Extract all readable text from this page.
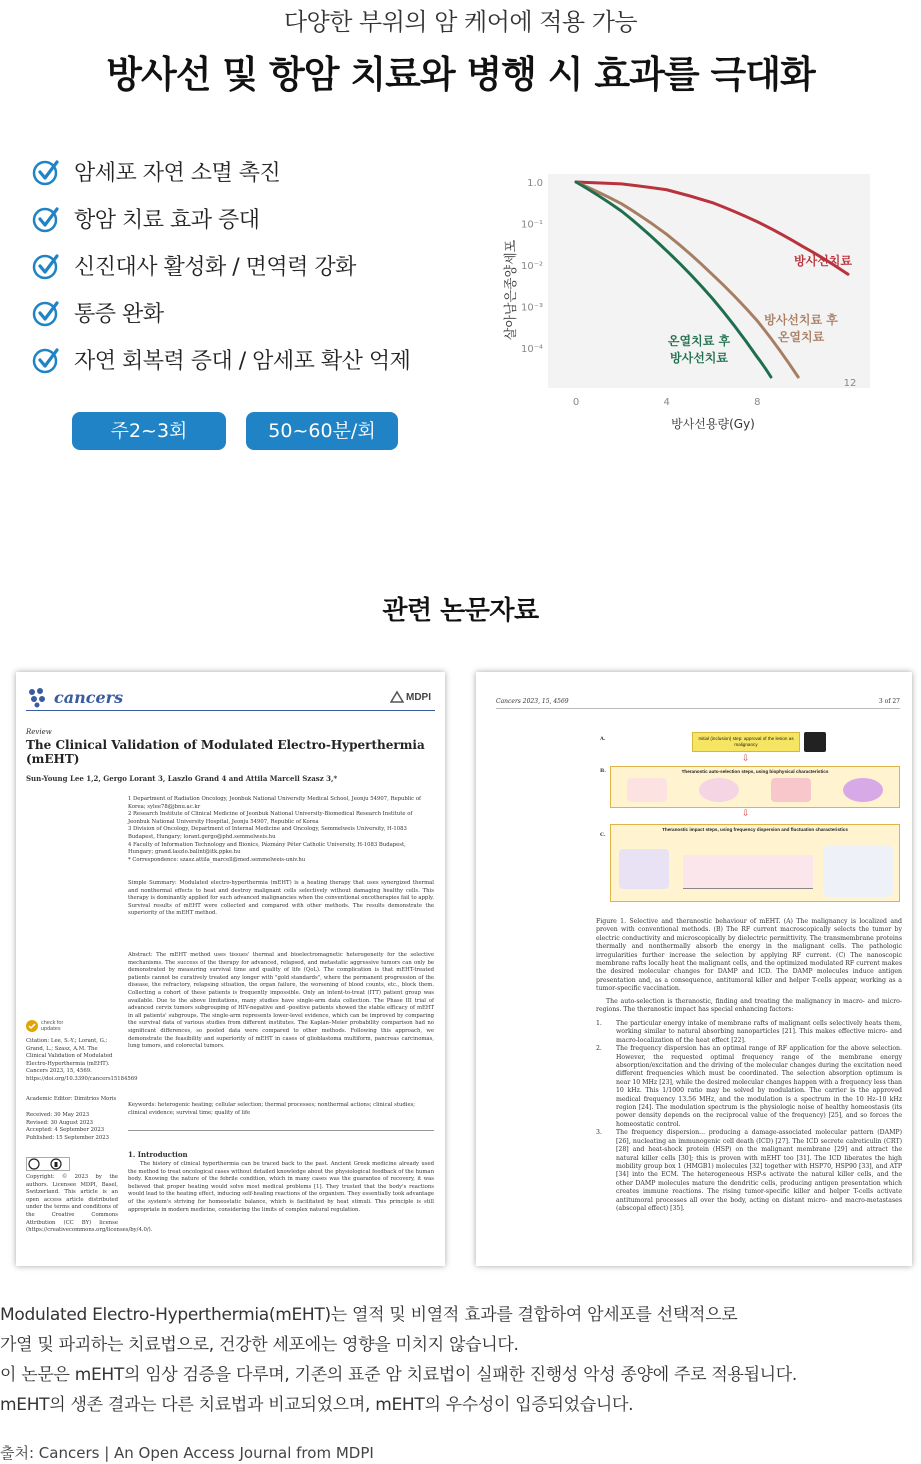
다양한 부위의 암 케어에 적용 가능
방사선 및 항암 치료와 병행 시 효과를 극대화
암세포 자연 소멸 촉진
항암 치료 효과 증대
신진대사 활성화 / 면역력 강화
통증 완화
자연 회복력 증대 / 암세포 확산 억제
주2~3회	50~60분/회
1.0
10⁻¹
10⁻²
10⁻³
10⁻⁴
0	4	8
12
살아남은종양세포
방사선용량(Gy)
방사선치료
방사선치료 후
온열치료
온열치료 후
방사선치료
관련 논문자료
cancers	MDPI
Review
The Clinical Validation of Modulated Electro-Hyperthermia (mEHT)
Sun-Young Lee 1,2, Gergo Lorant 3, Laszlo Grand 4 and Attila Marcell Szasz 3,*
1 Department of Radiation Oncology, Jeonbuk National University Medical School, Jeonju 54907, Republic of Korea; sylee78@jbnu.ac.kr
2 Research Institute of Clinical Medicine of Jeonbuk National University-Biomedical Research Institute of Jeonbuk National University Hospital, Jeonju 54907, Republic of Korea
3 Division of Oncology, Department of Internal Medicine and Oncology, Semmelweis University, H-1083 Budapest, Hungary; lorant.gergo@phd.semmelweis.hu
4 Faculty of Information Technology and Bionics, Pázmány Péter Catholic University, H-1083 Budapest, Hungary; grand.laszlo.balint@itk.ppke.hu
* Correspondence: szasz.attila_marcell@med.semmelweis-univ.hu
Simple Summary: Modulated electro-hyperthermia (mEHT) is a heating therapy that uses synergized thermal and nonthermal effects to heat and destroy malignant cells selectively without damaging healthy cells. This therapy is dominantly applied for such advanced malignancies when the conventional oncotherapies fail to apply. Survival results of mEHT were collected and compared with other methods. The results demonstrate the superiority of the mEHT method.
Abstract: The mEHT method uses tissues' thermal and bioelectromagnetic heterogeneity for the selective mechanisms. The success of the therapy for advanced, relapsed, and metastatic aggressive tumors can only be demonstrated by measuring survival time and quality of life (QoL). The complication is that mEHT-treated patients cannot be curatively treated any longer with "gold standards", where the permanent progression of the disease, the refractory, relapsing situation, the organ failure, the worsening of blood counts, etc., block them. Collecting a cohort of these patients is frequently impossible. Only an intent-to-treat (ITT) patient group was available. Due to the above limitations, many studies have single-arm data collection. The Phase III trial of advanced cervix tumors subgrouping of HIV-negative and -positive patients showed the stable efficacy of mEHT in all patients' subgroups. The single-arm represents lower-level evidence, which can be improved by comparing the survival data of various studies from different institutes. The Kaplan–Meier probability comparison had no significant differences, so pooled data were compared to other methods. Following this approach, we demonstrate the feasibility and superiority of mEHT in cases of glioblastoma multiform, pancreas carcinomas, lung tumors, and colorectal tumors.
Keywords: heterogenic heating; cellular selection; thermal processes; nonthermal actions; clinical studies; clinical evidence; survival time; quality of life
1. Introduction
The history of clinical hyperthermia can be traced back to the past. Ancient Greek medicine already used the method to treat oncological cases without detailed knowledge about the physiological feedback of the human body. Knowing the nature of the febrile condition, which in many cases was the guarantee of recovery, it was believed that proper heating would solve most medical problems [1]. They trusted that the body's reactions would lead to the heating effect, inducing self-healing reactions of the organism. They essentially took advantage of the system's striving for homeostatic balance, which is facilitated by heat stimuli. This principle is still appropriate in modern medicine, considering the limits of complex natural regulation.
check for updates
Citation: Lee, S.-Y.; Lorant, G.; Grand, L.; Szasz, A.M. The Clinical Validation of Modulated Electro-Hyperthermia (mEHT). Cancers 2023, 15, 4569. https://doi.org/10.3390/cancers15184569
Academic Editor: Dimitrios Moris
Received: 30 May 2023
Revised: 30 August 2023
Accepted: 4 September 2023
Published: 15 September 2023
Copyright: © 2023 by the authors. Licensee MDPI, Basel, Switzerland. This article is an open access article distributed under the terms and conditions of the Creative Commons Attribution (CC BY) license (https://creativecommons.org/licenses/by/4.0/).
Cancers 2023, 15, 4569	3 of 27
A.	Initial (inclusion) step: approval of the lesion as malignancy
⇩
B.	Theranostic auto-selection steps, using biophysical characteristics
⇩
C.
Theranostic impact steps, using frequency dispersion and fluctuation characteristics
Figure 1. Selective and theranostic behaviour of mEHT. (A) The malignancy is localized and proven with conventional methods. (B) The RF current macroscopically selects the tumor by electric conductivity and microscopically by dielectric permittivity. The transmembrane proteins thermally and nonthermally absorb the energy in the malignant cells. The pathologic irregularities further increase the selection by applying RF current. (C) The nanoscopic membrane rafts locally heat the malignant cells, and the optimized modulated RF current makes the desired molecular changes for DAMP and ICD. The DAMP molecules induce antigen presentation and, as a consequence, antitumoral killer and helper T-cells appear, working as a tumor-specific vaccination.
The auto-selection is theranostic, finding and treating the malignancy in macro- and micro-regions. The theranostic impact has special enhancing factors:
1.	The particular energy intake of membrane rafts of malignant cells selectively heats them, working similar to natural absorbing nanoparticles [21]. This makes effective micro- and macro-localization of the heat effect [22].
2.	The frequency dispersion has an optimal range of RF application for the above selection. However, the requested optimal frequency range of the membrane energy absorption/excitation and the driving of the molecular changes during the excitation need different frequencies which must be coordinated. The selection absorption optimum is near 10 MHz [23], while the desired molecular changes happen with a frequency less than 10 kHz. This 1/1000 ratio may be solved by modulation. The carrier is the approved medical frequency 13.56 MHz, and the modulation is a spectrum in the 10 Hz–10 kHz region [24]. The modulation spectrum is the physiologic noise of healthy homeostasis (its power density depends on the reciprocal value of the frequency) [25], and so forces the homeostatic control.
3.	The frequency dispersion... producing a damage-associated molecular pattern (DAMP) [26], nucleating an immunogenic cell death (ICD) [27]. The ICD secrete calreticulin (CRT) [28] and heat-shock protein (HSP) on the malignant membrane [29] and attract the natural killer cells [30]; this is proven with mEHT too [31]. The ICD liberates the high mobility group box 1 (HMGB1) molecules [32] together with HSP70, HSP90 [33], and ATP [34] into the ECM. The heterogeneous HSP-s activate the natural killer cells, and the other DAMP molecules mature the dendritic cells, producing antigen presentation which creates immune reactions. The rising tumor-specific killer and helper T-cells activate antitumoral processes all over the body, acting on distant micro- and macro-metastases (abscopal effect) [35].
Modulated Electro-Hyperthermia(mEHT)는 열적 및 비열적 효과를 결합하여 암세포를 선택적으로
가열 및 파괴하는 치료법으로, 건강한 세포에는 영향을 미치지 않습니다.
이 논문은 mEHT의 임상 검증을 다루며, 기존의 표준 암 치료법이 실패한 진행성 악성 종양에 주로 적용됩니다.
mEHT의 생존 결과는 다른 치료법과 비교되었으며, mEHT의 우수성이 입증되었습니다.
출처: Cancers | An Open Access Journal from MDPI
